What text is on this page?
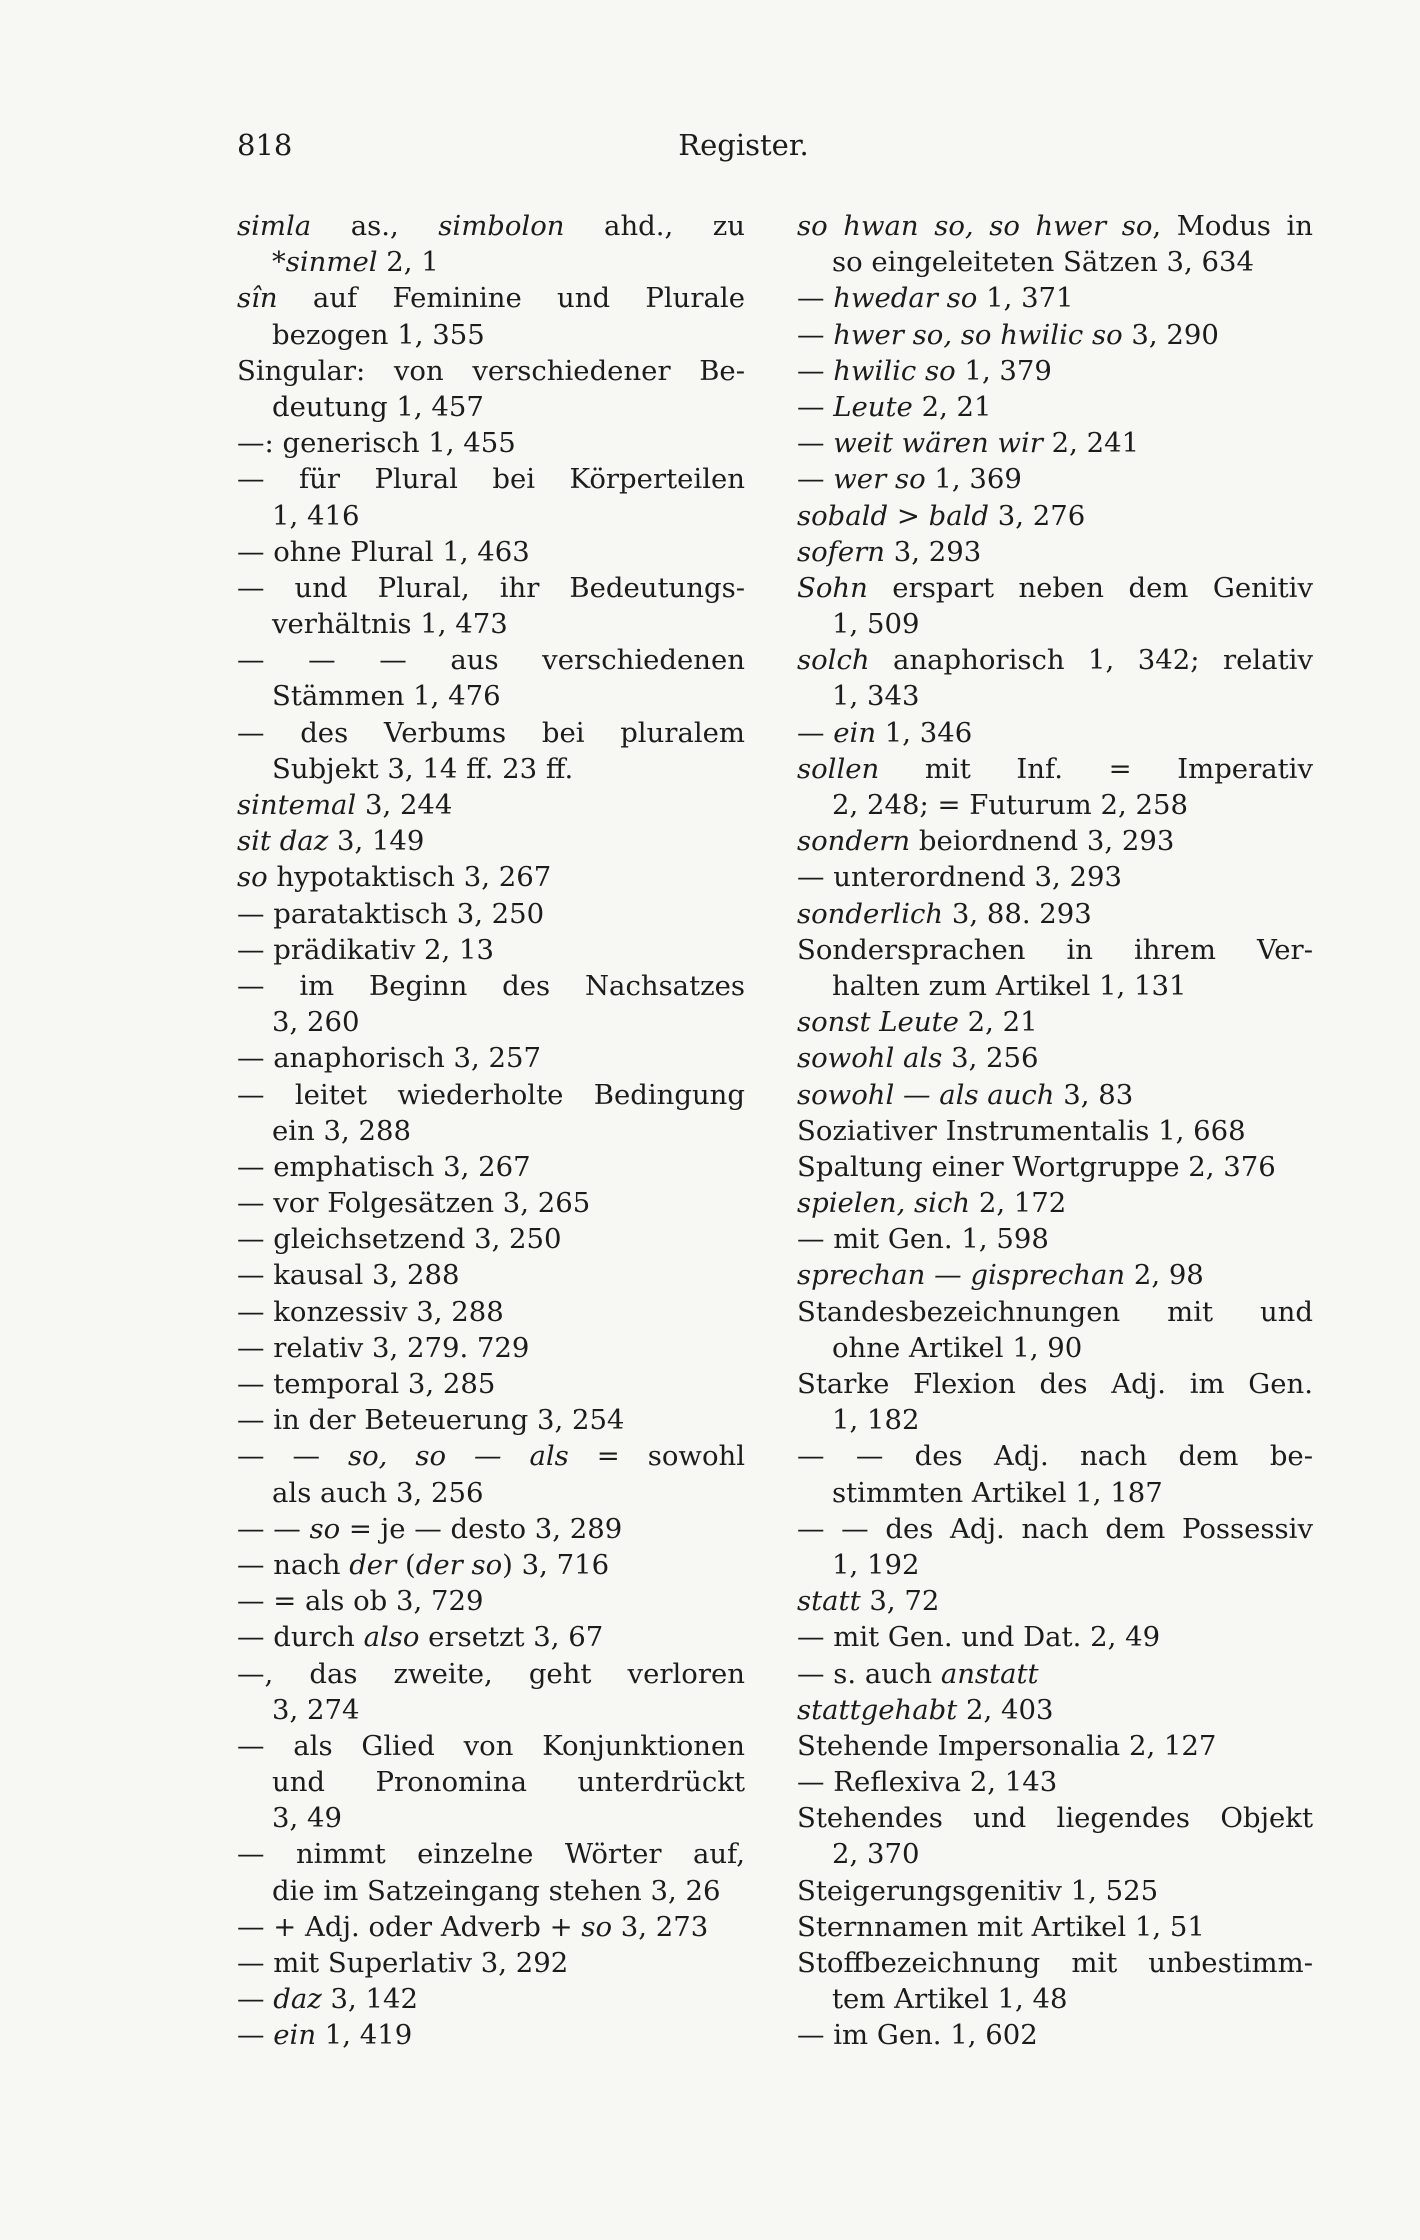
818	Register.
simla as., simbolon ahd., zu
*sinmel 2, 1
sîn auf Feminine und Plurale
bezogen 1, 355
Singular: von verschiedener Be-
deutung 1, 457
—: generisch 1, 455
— für Plural bei Körperteilen
1, 416
— ohne Plural 1, 463
— und Plural, ihr Bedeutungs-
verhältnis 1, 473
— — — aus verschiedenen
Stämmen 1, 476
— des Verbums bei pluralem
Subjekt 3, 14 ff. 23 ff.
sintemal 3, 244
sit daz 3, 149
so hypotaktisch 3, 267
— parataktisch 3, 250
— prädikativ 2, 13
— im Beginn des Nachsatzes
3, 260
— anaphorisch 3, 257
— leitet wiederholte Bedingung
ein 3, 288
— emphatisch 3, 267
— vor Folgesätzen 3, 265
— gleichsetzend 3, 250
— kausal 3, 288
— konzessiv 3, 288
— relativ 3, 279. 729
— temporal 3, 285
— in der Beteuerung 3, 254
— — so, so — als = sowohl
als auch 3, 256
— — so = je — desto 3, 289
— nach der (der so) 3, 716
— = als ob 3, 729
— durch also ersetzt 3, 67
—, das zweite, geht verloren
3, 274
— als Glied von Konjunktionen
und Pronomina unterdrückt
3, 49
— nimmt einzelne Wörter auf,
die im Satzeingang stehen 3, 26
— + Adj. oder Adverb + so 3, 273
— mit Superlativ 3, 292
— daz 3, 142
— ein 1, 419
so hwan so, so hwer so, Modus in
so eingeleiteten Sätzen 3, 634
— hwedar so 1, 371
— hwer so, so hwilic so 3, 290
— hwilic so 1, 379
— Leute 2, 21
— weit wären wir 2, 241
— wer so 1, 369
sobald > bald 3, 276
sofern 3, 293
Sohn erspart neben dem Genitiv
1, 509
solch anaphorisch 1, 342; relativ
1, 343
— ein 1, 346
sollen mit Inf. = Imperativ
2, 248; = Futurum 2, 258
sondern beiordnend 3, 293
— unterordnend 3, 293
sonderlich 3, 88. 293
Sondersprachen in ihrem Ver-
halten zum Artikel 1, 131
sonst Leute 2, 21
sowohl als 3, 256
sowohl — als auch 3, 83
Soziativer Instrumentalis 1, 668
Spaltung einer Wortgruppe 2, 376
spielen, sich 2, 172
— mit Gen. 1, 598
sprechan — gisprechan 2, 98
Standesbezeichnungen mit und
ohne Artikel 1, 90
Starke Flexion des Adj. im Gen.
1, 182
— — des Adj. nach dem be-
stimmten Artikel 1, 187
— — des Adj. nach dem Possessiv
1, 192
statt 3, 72
— mit Gen. und Dat. 2, 49
— s. auch anstatt
stattgehabt 2, 403
Stehende Impersonalia 2, 127
— Reflexiva 2, 143
Stehendes und liegendes Objekt
2, 370
Steigerungsgenitiv 1, 525
Sternnamen mit Artikel 1, 51
Stoffbezeichnung mit unbestimm-
tem Artikel 1, 48
— im Gen. 1, 602
